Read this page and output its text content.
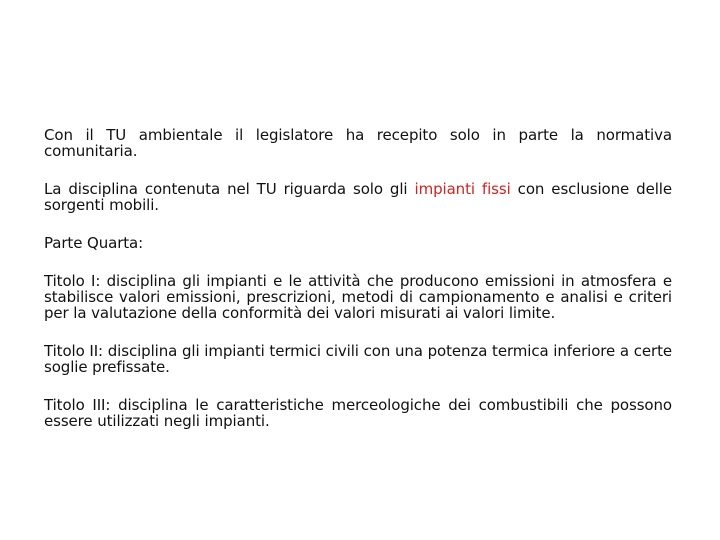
Con il TU ambientale il legislatore ha recepito solo in parte la normativa comunitaria.

La disciplina contenuta nel TU riguarda solo gli impianti fissi con esclusione delle sorgenti mobili.

Parte Quarta:

Titolo I: disciplina gli impianti e le attività che producono emissioni in atmosfera e stabilisce valori emissioni, prescrizioni, metodi di campionamento e analisi e criteri per la valutazione della conformità dei valori misurati ai valori limite.

Titolo II: disciplina gli impianti termici civili con una potenza termica inferiore a certe soglie prefissate.

Titolo III: disciplina le caratteristiche merceologiche dei combustibili che possono essere utilizzati negli impianti.
